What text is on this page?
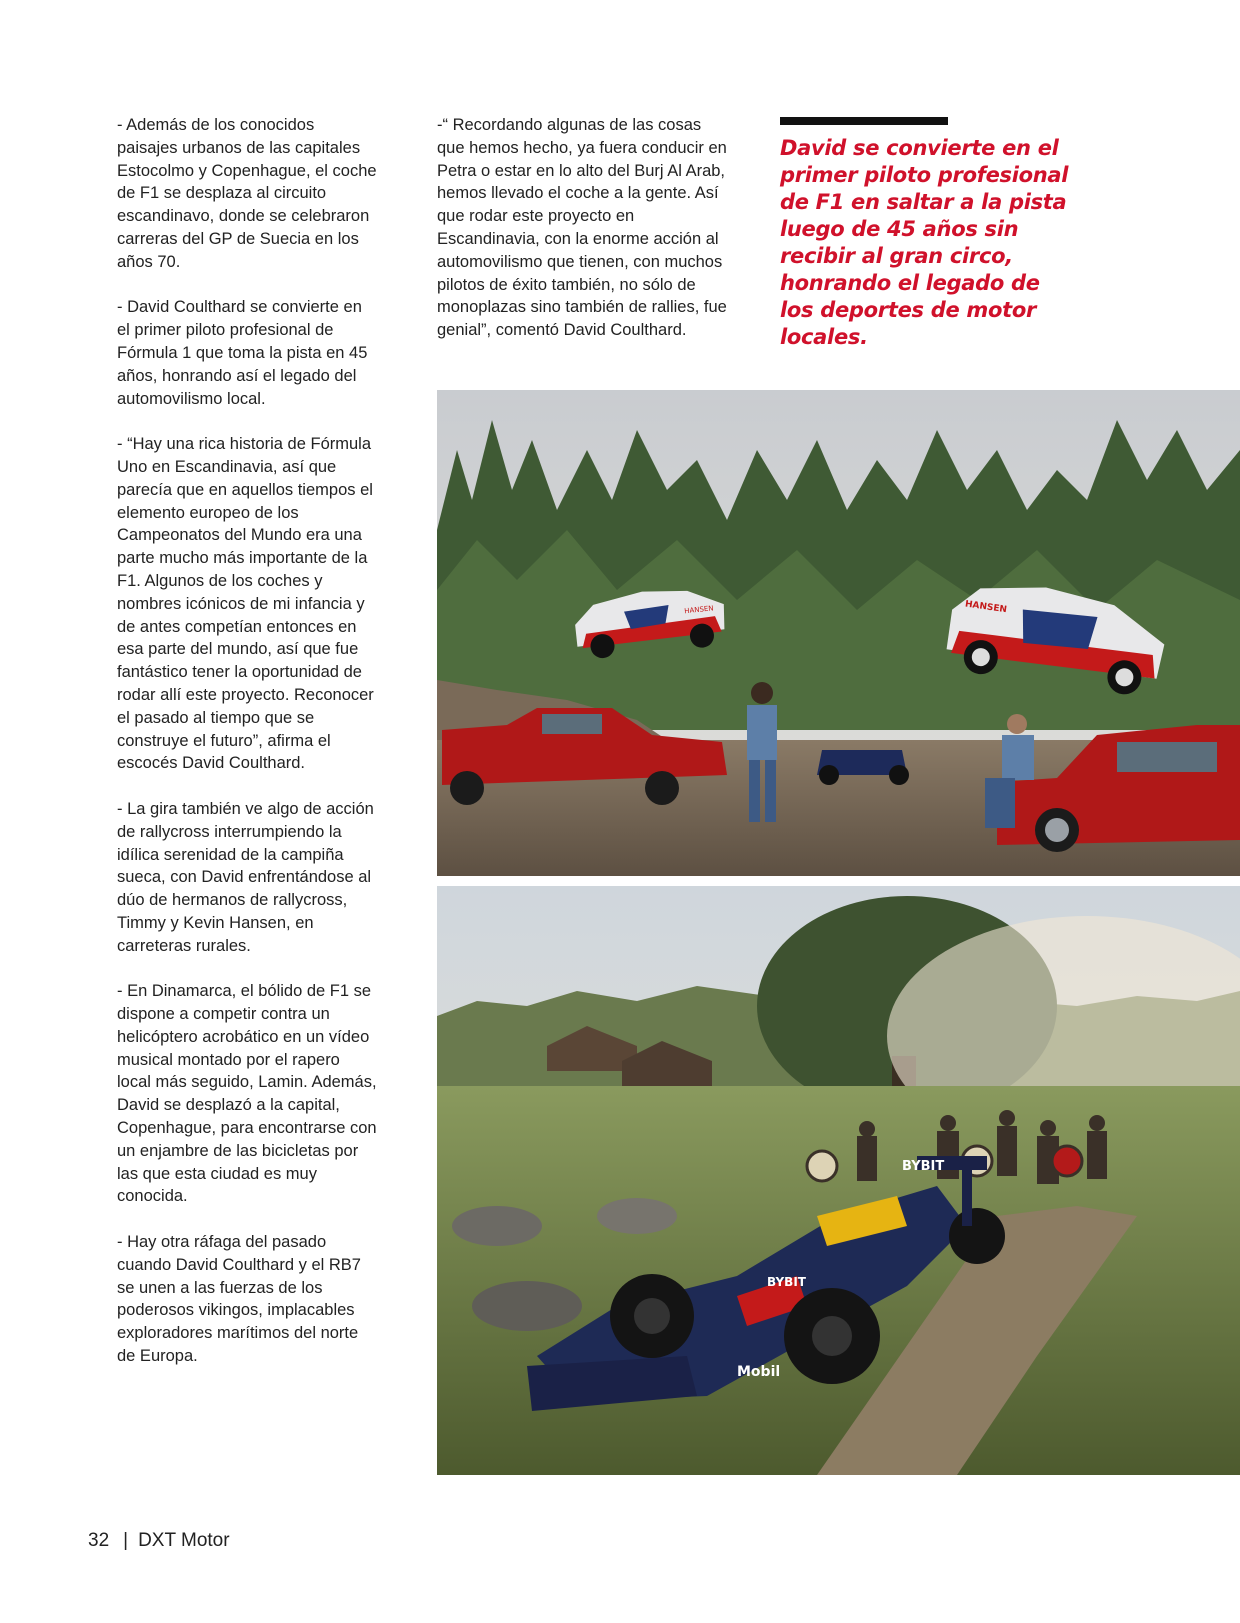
- Además de los conocidos paisajes urbanos de las capitales Estocolmo y Copenhague, el coche de F1 se desplaza al circuito escandinavo, donde se celebraron carreras del GP de Suecia en los años 70.

- David Coulthard se convierte en el primer piloto profesional de Fórmula 1 que toma la pista en 45 años, honrando así el legado del automovilismo local.

- “Hay una rica historia de Fórmula Uno en Escandinavia, así que parecía que en aquellos tiempos el elemento europeo de los Campeonatos del Mundo era una parte mucho más importante de la F1. Algunos de los coches y nombres icónicos de mi infancia y de antes competían entonces en esa parte del mundo, así que fue fantástico tener la oportunidad de rodar allí este proyecto. Reconocer el pasado al tiempo que se construye el futuro”, afirma el escocés David Coulthard.

- La gira también ve algo de acción de rallycross interrumpiendo la idílica serenidad de la campiña sueca, con David enfrentándose al dúo de hermanos de rallycross, Timmy y Kevin Hansen, en carreteras rurales.

- En Dinamarca, el bólido de F1 se dispone a competir contra un helicóptero acrobático en un vídeo musical montado por el rapero local más seguido, Lamin. Además, David se desplazó a la capital, Copenhague, para encontrarse con un enjambre de las bicicletas por las que esta ciudad es muy conocida.

- Hay otra ráfaga del pasado cuando David Coulthard y el RB7 se unen a las fuerzas de los poderosos vikingos, implacables exploradores marítimos del norte de Europa.

-“ Recordando algunas de las cosas que hemos hecho, ya fuera conducir en Petra o estar en lo alto del Burj Al Arab, hemos llevado el coche a la gente. Así que rodar este proyecto en Escandinavia, con la enorme acción al automovilismo que tienen, con muchos pilotos de éxito también, no sólo de monoplazas sino también de rallies, fue genial”, comentó David Coulthard.

David se convierte en el primer piloto profesional de F1 en saltar a la pista luego de 45 años sin recibir al gran circo, honrando el legado de los deportes de motor locales.
HANSEN	HANSEN
BYBIT
BYBIT
Mobil
32 | DXT Motor
